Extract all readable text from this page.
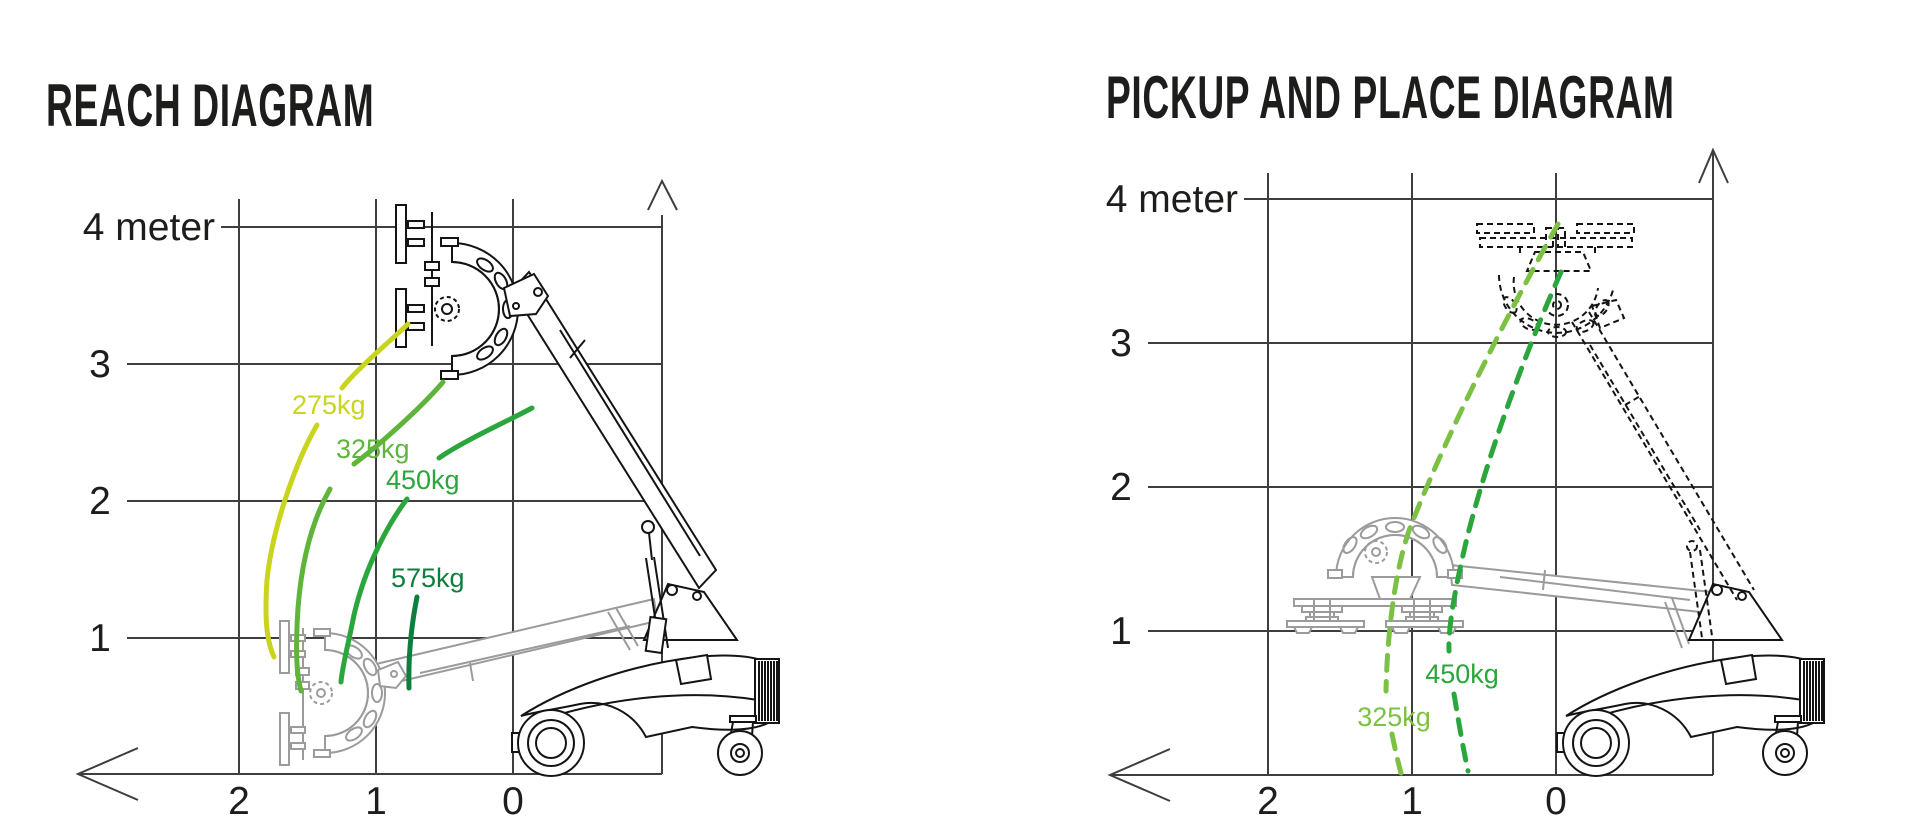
REACH DIAGRAM
4 meter
3
2
1
2	1	0
275kg
325kg
450kg
575kg
PICKUP AND PLACE DIAGRAM
4 meter
3
2
1
2	1	0
325kg
450kg
